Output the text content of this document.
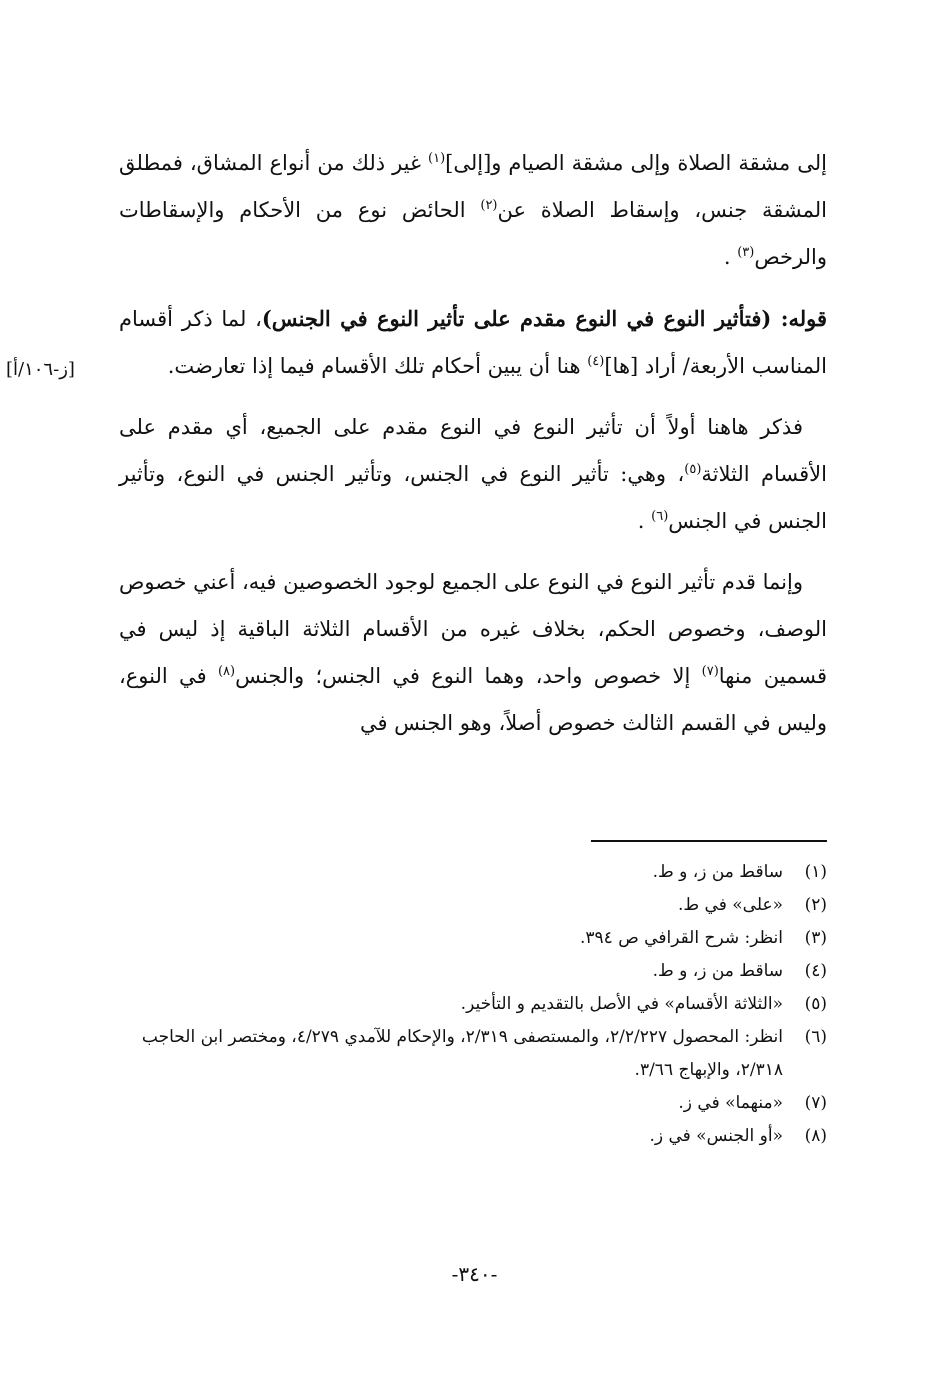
إلى مشقة الصلاة وإلى مشقة الصيام و[إلى]$^{(١)}$ غير ذلك من أنواع المشاق، فمطلق المشقة جنس، وإسقاط الصلاة عن$^{(٢)}$ الحائض نوع من الأحكام والإسقاطات والرخص$^{(٣)}$ .

قوله: (فتأثير النوع في النوع مقدم على تأثير النوع في الجنس)، لما ذكر أقسام المناسب الأربعة/ أراد [ها]$^{(٤)}$ هنا أن يبين أحكام تلك الأقسام فيما إذا تعارضت.

فذكر هاهنا أولاً أن تأثير النوع في النوع مقدم على الجميع، أي مقدم على الأقسام الثلاثة$^{(٥)}$، وهي: تأثير النوع في الجنس، وتأثير الجنس في النوع، وتأثير الجنس في الجنس$^{(٦)}$ .

وإنما قدم تأثير النوع في النوع على الجميع لوجود الخصوصين فيه، أعني خصوص الوصف، وخصوص الحكم، بخلاف غيره من الأقسام الثلاثة الباقية إذ ليس في قسمين منها$^{(٧)}$ إلا خصوص واحد، وهما النوع في الجنس؛ والجنس$^{(٨)}$ في النوع، وليس في القسم الثالث خصوص أصلاً، وهو الجنس في

[ز-١٠٦/أ]
(١)
ساقط من ز، و ط.
(٢)
«على» في ط.
(٣)
انظر: شرح القرافي ص ٣٩٤.
(٤)
ساقط من ز، و ط.
(٥)
«الثلاثة الأقسام» في الأصل بالتقديم و التأخير.
(٦)
انظر: المحصول ٢/٢/٢٢٧، والمستصفى ٢/٣١٩، والإحكام للآمدي ٤/٢٧٩، ومختصر ابن الحاجب ٢/٣١٨، والإبهاج ٣/٦٦.
(٧)
«منهما» في ز.
(٨)
«أو الجنس» في ز.
-٣٤٠-
